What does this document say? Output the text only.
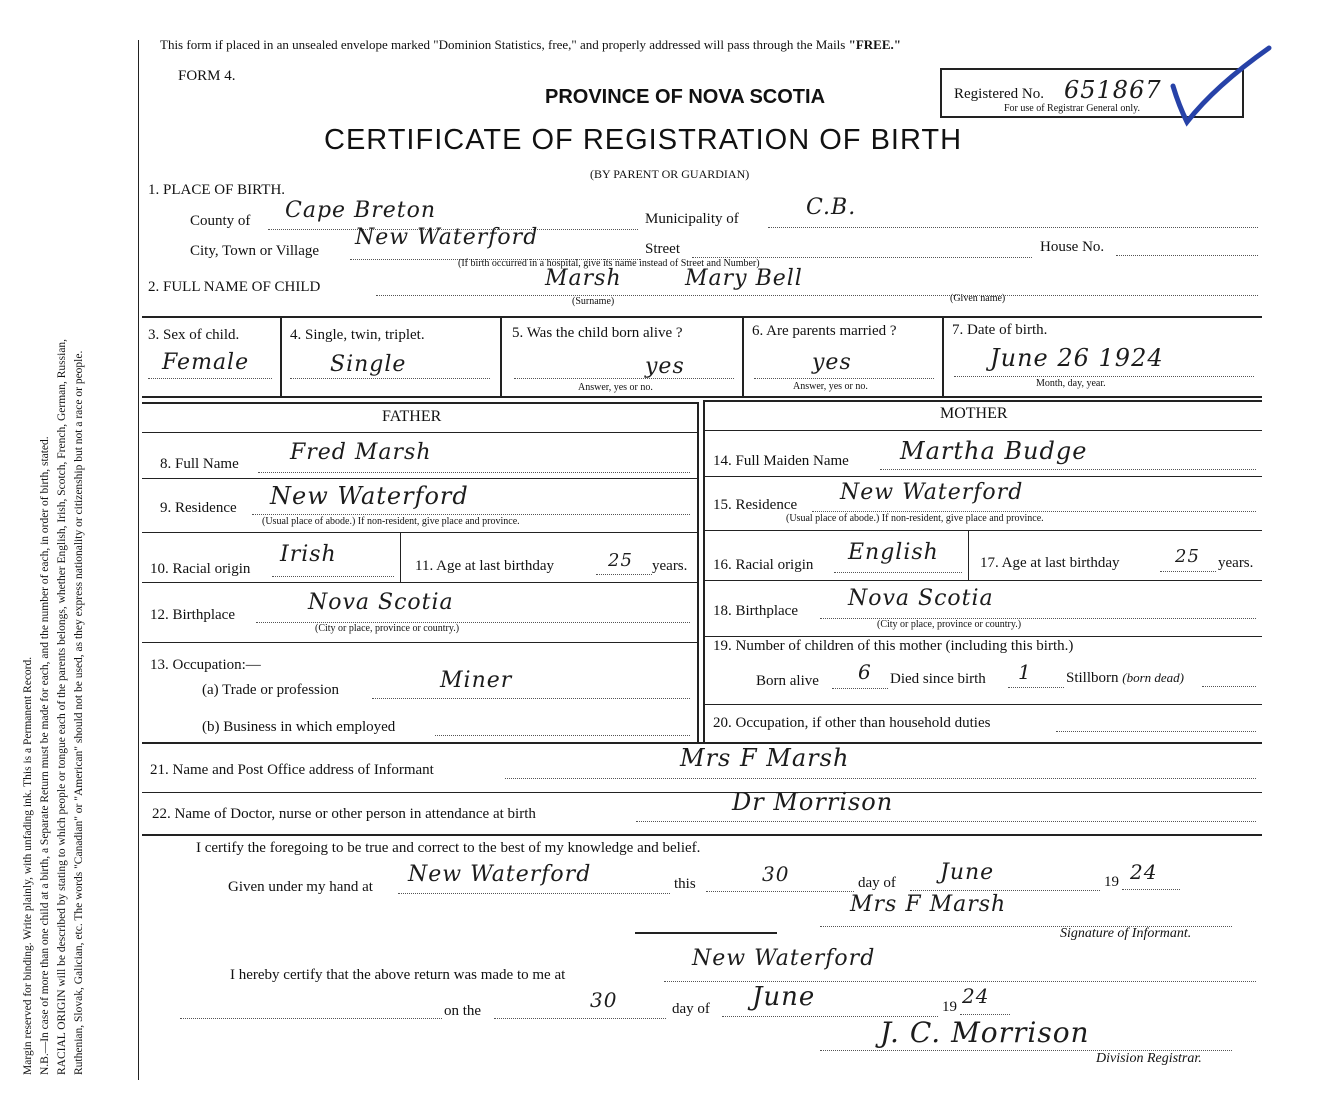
Margin reserved for binding. Write plainly, with unfading ink. This is a Permanent Record. N.B.—In case of more than one child at a birth, a Separate Return must be made for each, and the number of each, in order of birth, stated. RACIAL ORIGIN will be described by stating to which people or tongue each of the parents belongs, whether English, Irish, Scotch, French, German, Russian, Ruthenian, Slovak, Galician, etc. The words "Canadian" or "American" should not be used, as they express nationality or citizenship but not a race or people.
This form if placed in an unsealed envelope marked "Dominion Statistics, free," and properly addressed will pass through the Mails "FREE."
FORM 4.
PROVINCE OF NOVA SCOTIA
CERTIFICATE OF REGISTRATION OF BIRTH
(BY PARENT OR GUARDIAN)
Registered No. 651867
For use of Registrar General only.
1. PLACE OF BIRTH.
County of Cape Breton	Municipality of	C.B.
City, Town or Village
New Waterford	Street	House No.
(If birth occurred in a hospital, give its name instead of Street and Number)
2. FULL NAME OF CHILD	Marsh	Mary Bell
(Surname)	(Given name)
3. Sex of child.
Female
4. Single, twin, triplet.
Single
5. Was the child born alive ?
yes
Answer, yes or no.
6. Are parents married ?
yes
Answer, yes or no.
7. Date of birth.
June 26 1924
Month, day, year.
FATHER
8. Full Name Fred Marsh
9. Residence New Waterford
(Usual place of abode.) If non-resident, give place and province.
10. Racial origin
Irish	11. Age at last birthday	25 years.
12. Birthplace	Nova Scotia
(City or place, province or country.)
13. Occupation:—
(a) Trade or profession	Miner
(b) Business in which employed
MOTHER
14. Full Maiden Name Martha Budge
15. Residence New Waterford
(Usual place of abode.) If non-resident, give place and province.
16. Racial origin English	17. Age at last birthday	25 years.
18. Birthplace Nova Scotia
(City or place, province or country.)
19. Number of children of this mother (including this birth.)
Born alive 6 Died since birth 1 Stillborn (born dead)
20. Occupation, if other than household duties
21. Name and Post Office address of Informant	Mrs F Marsh
22. Name of Doctor, nurse or other person in attendance at birth	Dr Morrison
I certify the foregoing to be true and correct to the best of my knowledge and belief.
Given under my hand at New Waterford	this	30	day of June	19 24
Mrs F Marsh
Signature of Informant.
I hereby certify that the above return was made to me at
New Waterford
on the	30	day of June	19 24
J. C. Morrison
Division Registrar.
